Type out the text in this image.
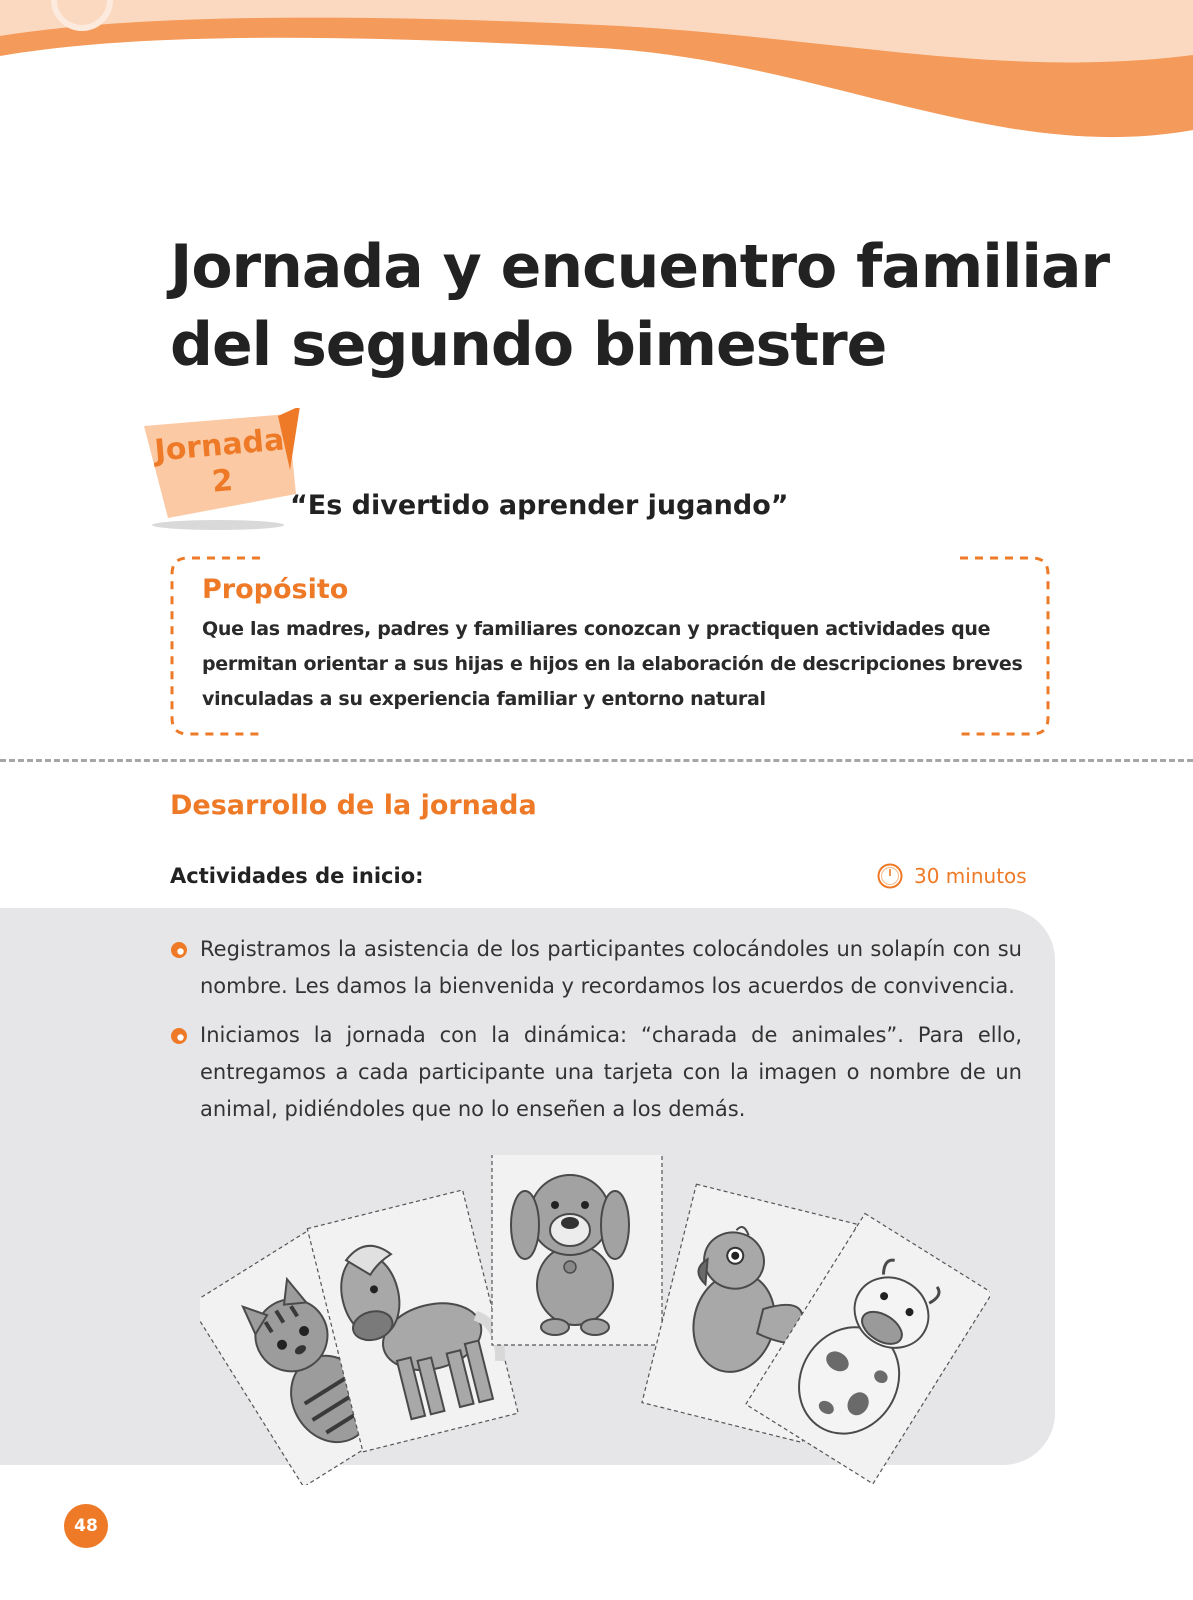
Jornada y encuentro familiar
del segundo bimestre
Jornada
2
“Es divertido aprender jugando”
Propósito
Que las madres, padres y familiares conozcan y practiquen actividades que permitan orientar a sus hijas e hijos en la elaboración de descripciones breves vinculadas a su experiencia familiar y entorno natural
Desarrollo de la jornada
Actividades de inicio:	30 minutos
Registramos la asistencia de los participantes colocándoles un solapín con su nombre. Les damos la bienvenida y recordamos los acuerdos de convivencia.
Iniciamos la jornada con la dinámica: “charada de animales”. Para ello, entregamos a cada participante una tarjeta con la imagen o nombre de un animal, pidiéndoles que no lo enseñen a los demás.
48
